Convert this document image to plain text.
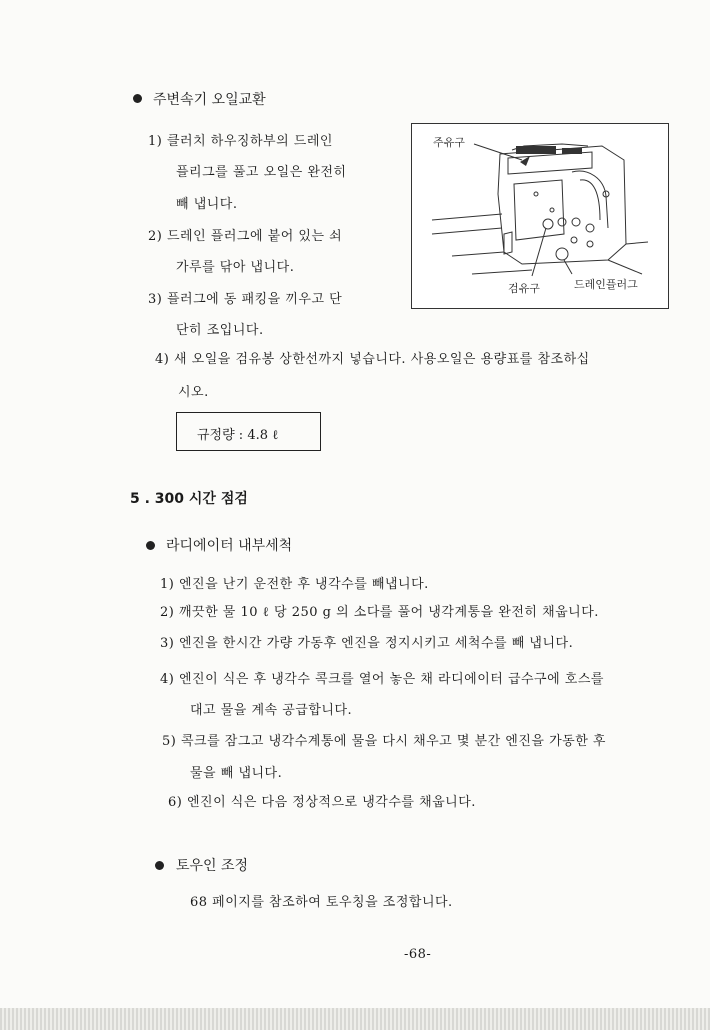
주변속기 오일교환
1) 클러치 하우징하부의 드레인
플리그를 풀고 오일은 완전히
빼 냅니다.
2) 드레인 플러그에 붙어 있는 쇠
가루를 닦아 냅니다.
3) 플러그에 동 패킹을 끼우고 단
단히 조입니다.
4) 새 오일을 검유봉 상한선까지 넣습니다. 사용오일은 용량표를 참조하십
시오.
주유구
검유구	드레인플러그
규정량 : 4.8 ℓ
5 . 300 시간 점검
라디에이터 내부세척
1) 엔진을 난기 운전한 후 냉각수를 빼냅니다.
2) 깨끗한 물 10 ℓ 당 250 g 의 소다를 풀어 냉각계통을 완전히 채웁니다.
3) 엔진을 한시간 가량 가동후 엔진을 정지시키고 세척수를 빼 냅니다.
4) 엔진이 식은 후 냉각수 콕크를 열어 놓은 채 라디에이터 급수구에 호스를
대고 물을 계속 공급합니다.
5) 콕크를 잠그고 냉각수계통에 물을 다시 채우고 몇 분간 엔진을 가동한 후
물을 빼 냅니다.
6) 엔진이 식은 다음 정상적으로 냉각수를 채웁니다.
토우인 조정
68 페이지를 참조하여 토우칭을 조정합니다.
-68-
